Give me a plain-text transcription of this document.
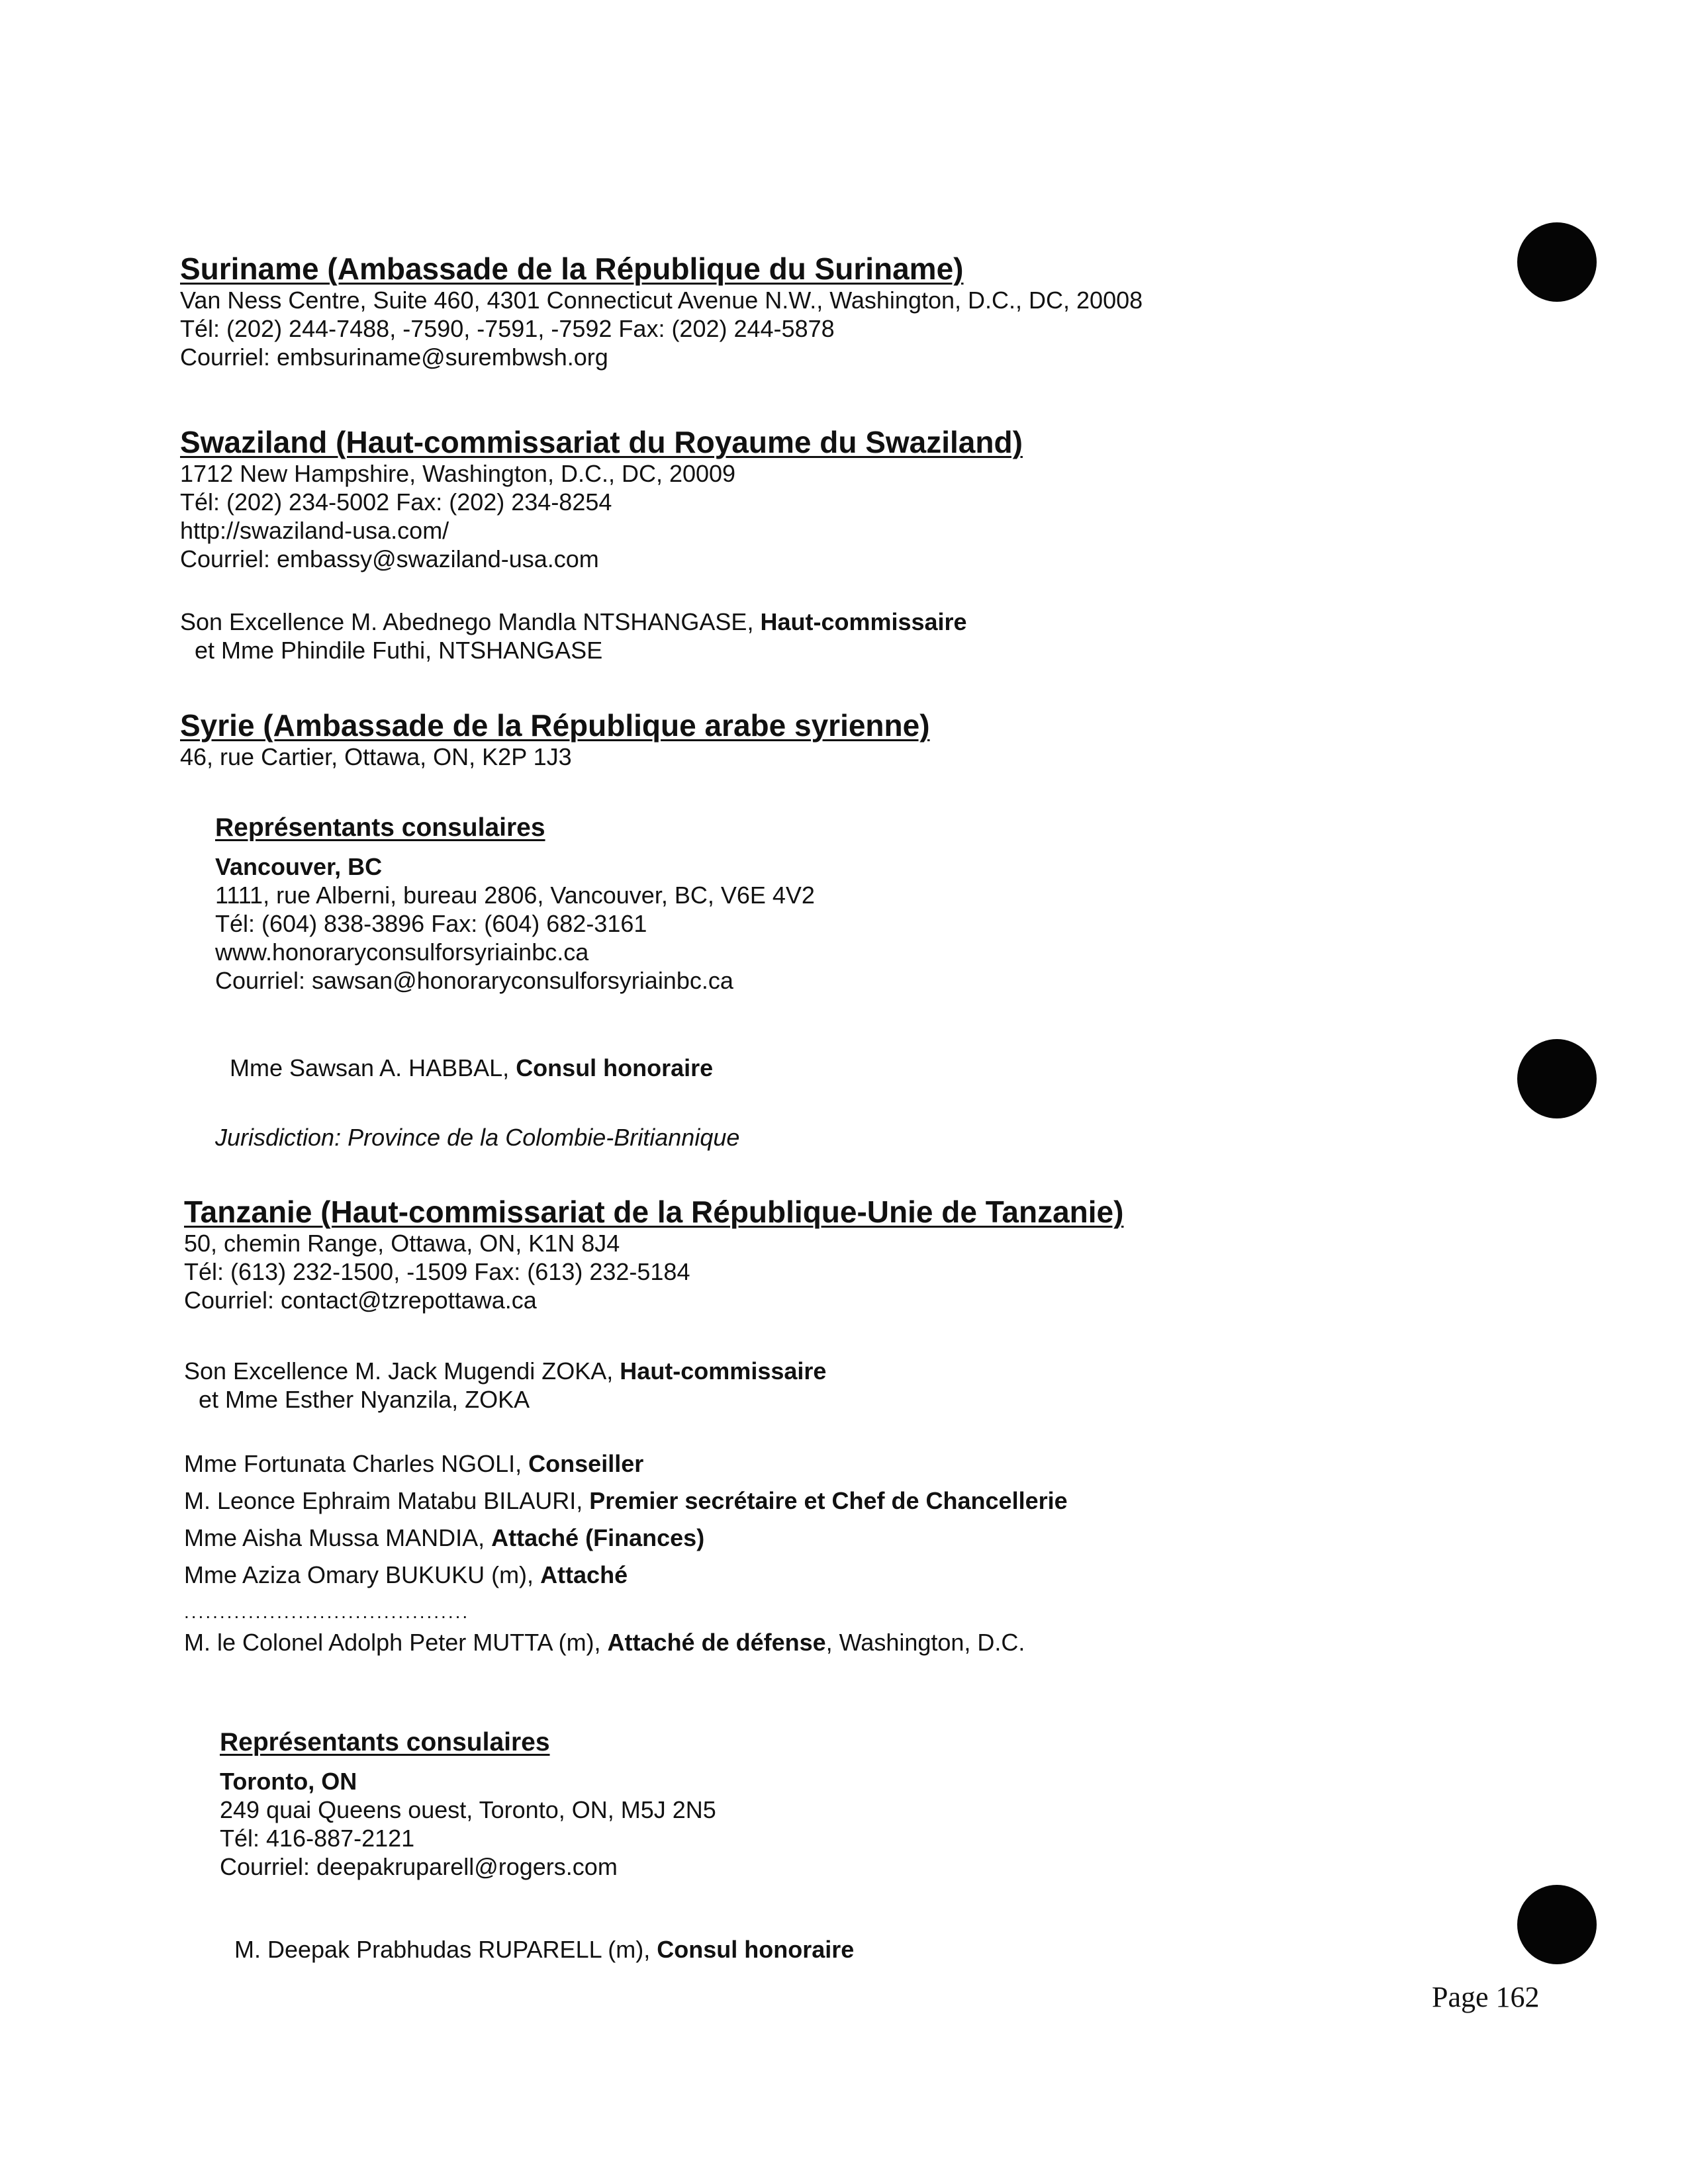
Suriname (Ambassade de la République du Suriname)
Van Ness Centre, Suite 460, 4301 Connecticut Avenue N.W., Washington, D.C., DC, 20008
Tél: (202) 244-7488, -7590, -7591, -7592 Fax: (202) 244-5878
Courriel: embsuriname@surembwsh.org
Swaziland (Haut-commissariat du Royaume du Swaziland)
1712 New Hampshire, Washington, D.C., DC, 20009
Tél: (202) 234-5002 Fax: (202) 234-8254
http://swaziland-usa.com/
Courriel: embassy@swaziland-usa.com
Son Excellence M. Abednego Mandla NTSHANGASE, Haut-commissaire
et Mme Phindile Futhi, NTSHANGASE
Syrie (Ambassade de la République arabe syrienne)
46, rue Cartier, Ottawa, ON, K2P 1J3
Représentants consulaires
Vancouver, BC
1111, rue Alberni, bureau 2806, Vancouver, BC, V6E 4V2
Tél: (604) 838-3896 Fax: (604) 682-3161
www.honoraryconsulforsyriainbc.ca
Courriel: sawsan@honoraryconsulforsyriainbc.ca
Mme Sawsan A. HABBAL, Consul honoraire
Jurisdiction: Province de la Colombie-Britiannique
Tanzanie (Haut-commissariat de la République-Unie de Tanzanie)
50, chemin Range, Ottawa, ON, K1N 8J4
Tél: (613) 232-1500, -1509 Fax: (613) 232-5184
Courriel: contact@tzrepottawa.ca
Son Excellence M. Jack Mugendi ZOKA, Haut-commissaire
et Mme Esther Nyanzila, ZOKA
Mme Fortunata Charles NGOLI, Conseiller
M. Leonce Ephraim Matabu BILAURI, Premier secrétaire et Chef de Chancellerie
Mme Aisha Mussa MANDIA, Attaché (Finances)
Mme Aziza Omary BUKUKU (m), Attaché
........................................
M. le Colonel Adolph Peter MUTTA (m), Attaché de défense, Washington, D.C.
Représentants consulaires
Toronto, ON
249 quai Queens ouest, Toronto, ON, M5J 2N5
Tél: 416-887-2121
Courriel: deepakruparell@rogers.com
M. Deepak Prabhudas RUPARELL (m), Consul honoraire
Page 162
